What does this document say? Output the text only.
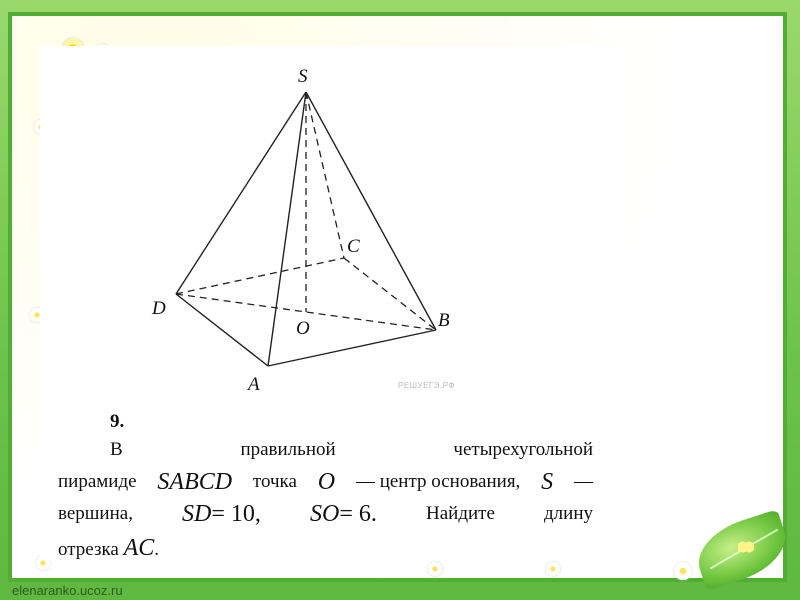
S
C
D
O	B
A	РЕШУЕГЭ.РФ
9.
В	правильной	четырехугольной
пирамиде SABCD точка O — центр основания, S —
вершина, SD= 10, SO= 6.	Найдите	длину
отрезка AC.
elenaranko.ucoz.ru
